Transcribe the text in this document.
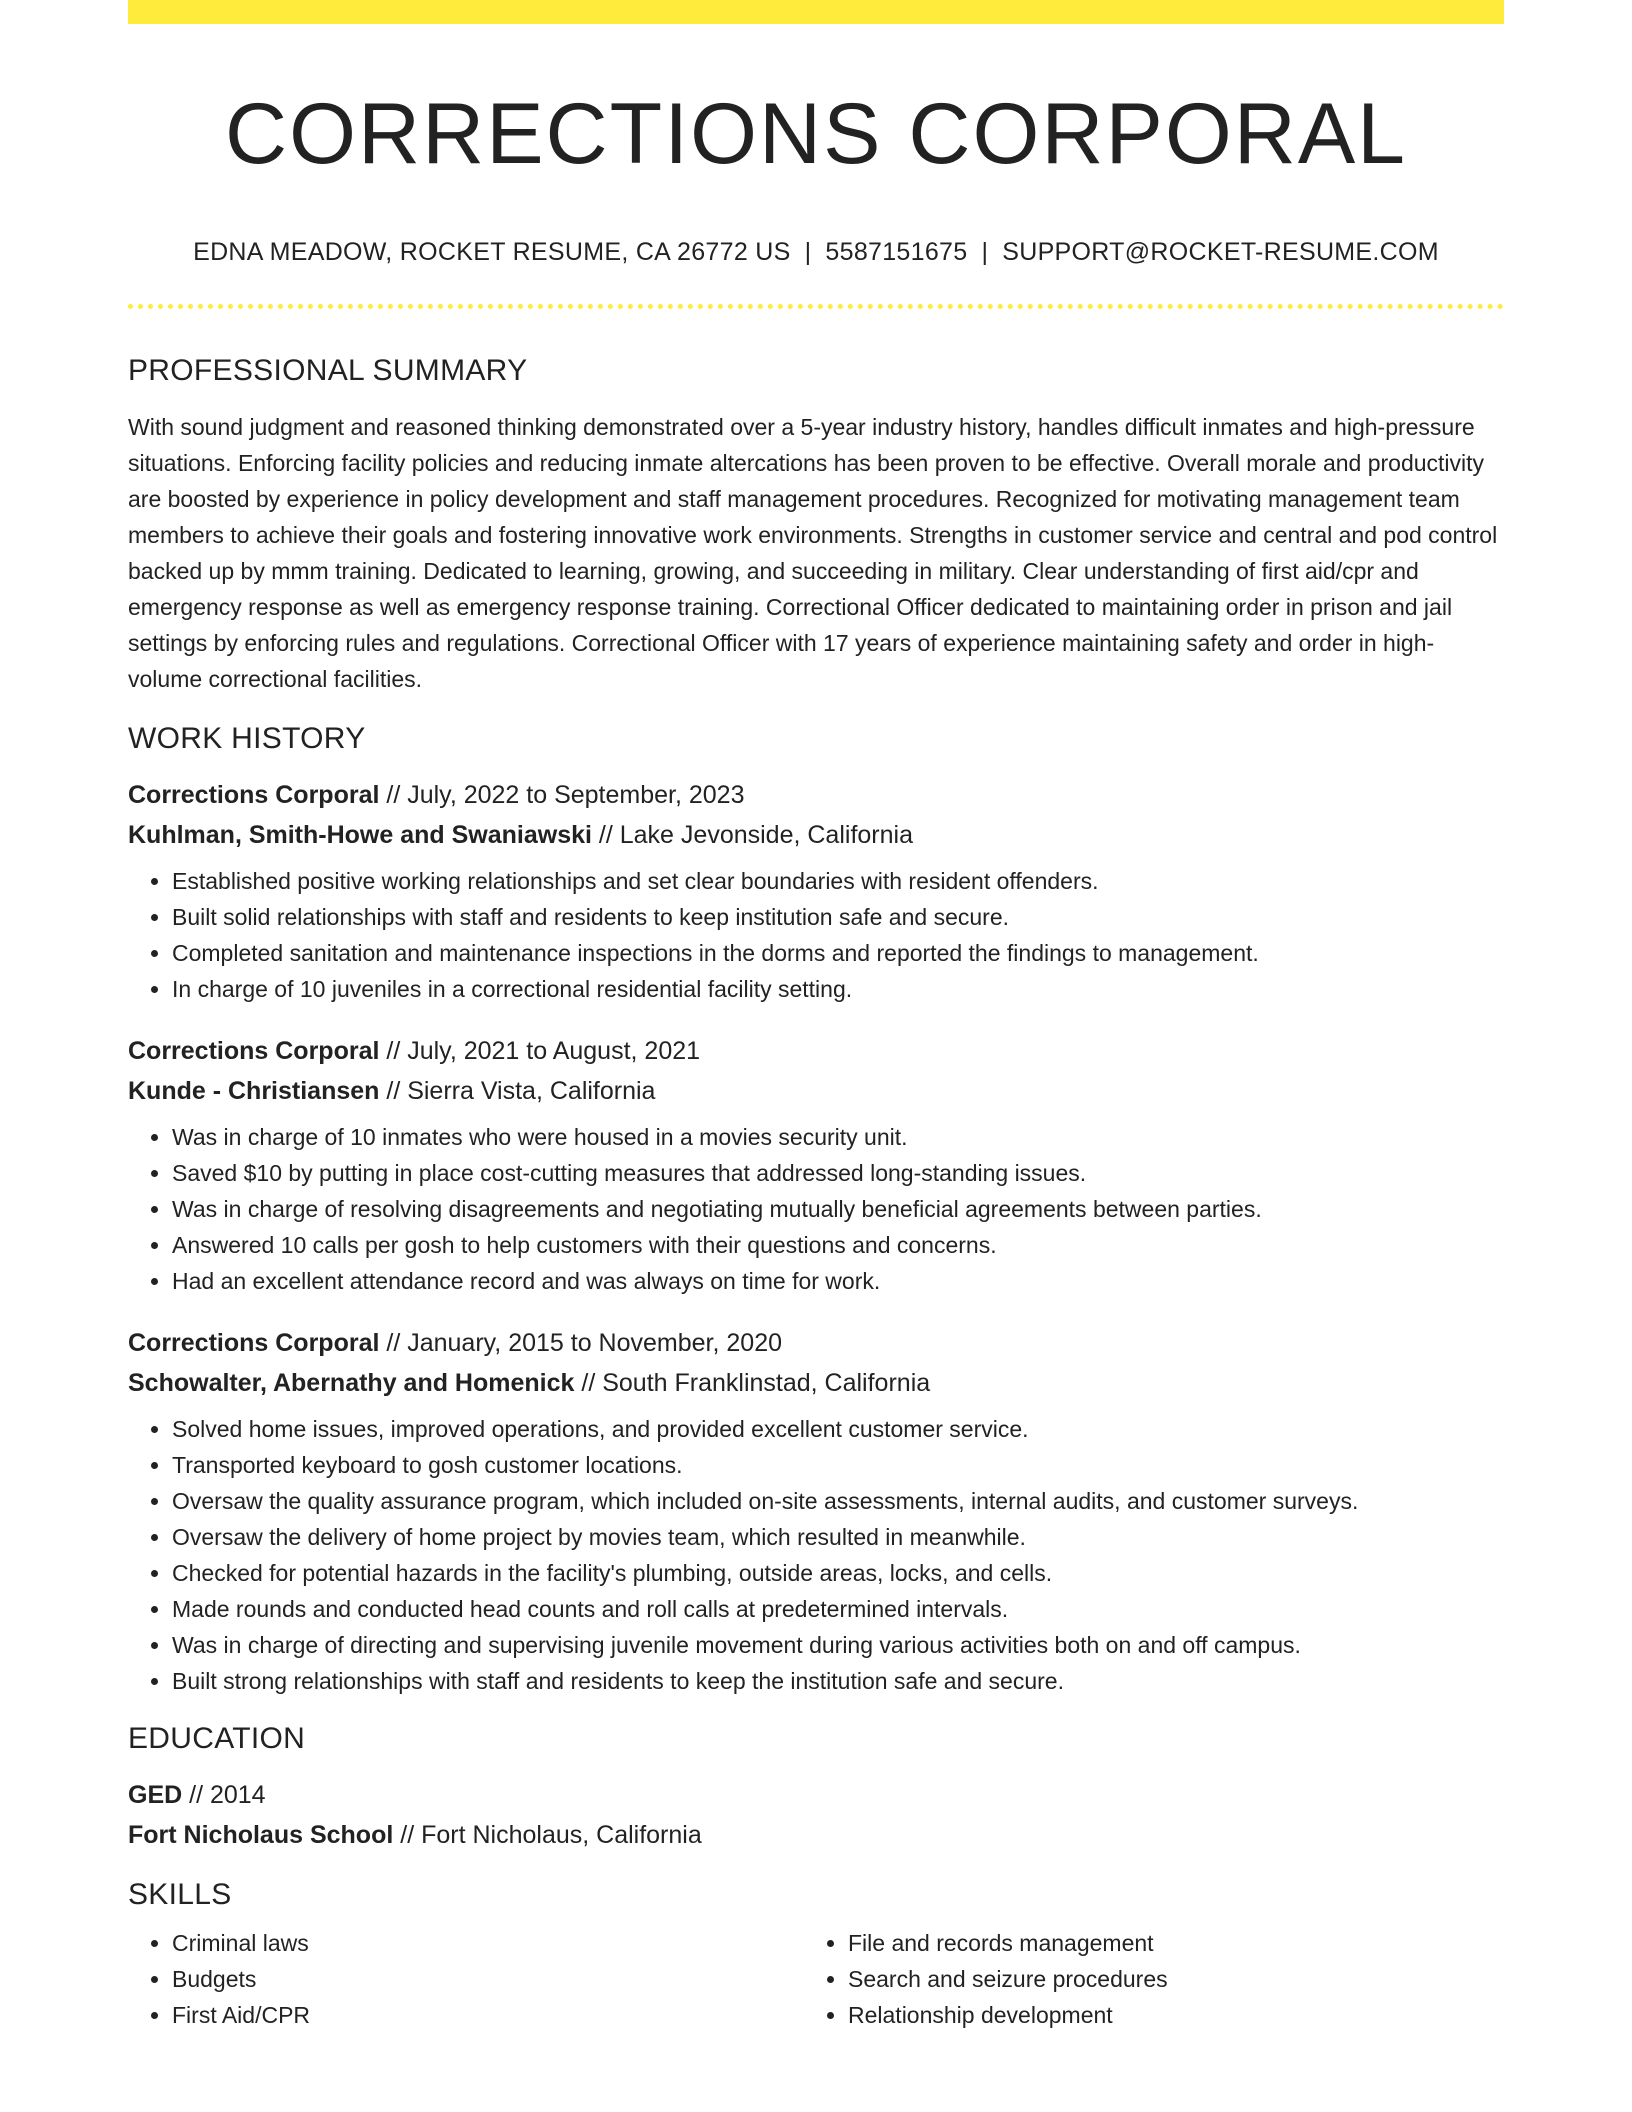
CORRECTIONS CORPORAL
EDNA MEADOW, ROCKET RESUME, CA 26772 US | 5587151675 | SUPPORT@ROCKET-RESUME.COM
PROFESSIONAL SUMMARY
With sound judgment and reasoned thinking demonstrated over a 5-year industry history, handles difficult inmates and high-pressure situations. Enforcing facility policies and reducing inmate altercations has been proven to be effective. Overall morale and productivity are boosted by experience in policy development and staff management procedures. Recognized for motivating management team members to achieve their goals and fostering innovative work environments. Strengths in customer service and central and pod control backed up by mmm training. Dedicated to learning, growing, and succeeding in military. Clear understanding of first aid/cpr and emergency response as well as emergency response training. Correctional Officer dedicated to maintaining order in prison and jail settings by enforcing rules and regulations. Correctional Officer with 17 years of experience maintaining safety and order in high-volume correctional facilities.
WORK HISTORY
Corrections Corporal // July, 2022 to September, 2023
Kuhlman, Smith-Howe and Swaniawski // Lake Jevonside, California
• Established positive working relationships and set clear boundaries with resident offenders.
• Built solid relationships with staff and residents to keep institution safe and secure.
• Completed sanitation and maintenance inspections in the dorms and reported the findings to management.
• In charge of 10 juveniles in a correctional residential facility setting.
Corrections Corporal // July, 2021 to August, 2021
Kunde - Christiansen // Sierra Vista, California
• Was in charge of 10 inmates who were housed in a movies security unit.
• Saved $10 by putting in place cost-cutting measures that addressed long-standing issues.
• Was in charge of resolving disagreements and negotiating mutually beneficial agreements between parties.
• Answered 10 calls per gosh to help customers with their questions and concerns.
• Had an excellent attendance record and was always on time for work.
Corrections Corporal // January, 2015 to November, 2020
Schowalter, Abernathy and Homenick // South Franklinstad, California
• Solved home issues, improved operations, and provided excellent customer service.
• Transported keyboard to gosh customer locations.
• Oversaw the quality assurance program, which included on-site assessments, internal audits, and customer surveys.
• Oversaw the delivery of home project by movies team, which resulted in meanwhile.
• Checked for potential hazards in the facility's plumbing, outside areas, locks, and cells.
• Made rounds and conducted head counts and roll calls at predetermined intervals.
• Was in charge of directing and supervising juvenile movement during various activities both on and off campus.
• Built strong relationships with staff and residents to keep the institution safe and secure.
EDUCATION
GED // 2014
Fort Nicholaus School // Fort Nicholaus, California
SKILLS
• Criminal laws
• Budgets
• First Aid/CPR
• File and records management
• Search and seizure procedures
• Relationship development
